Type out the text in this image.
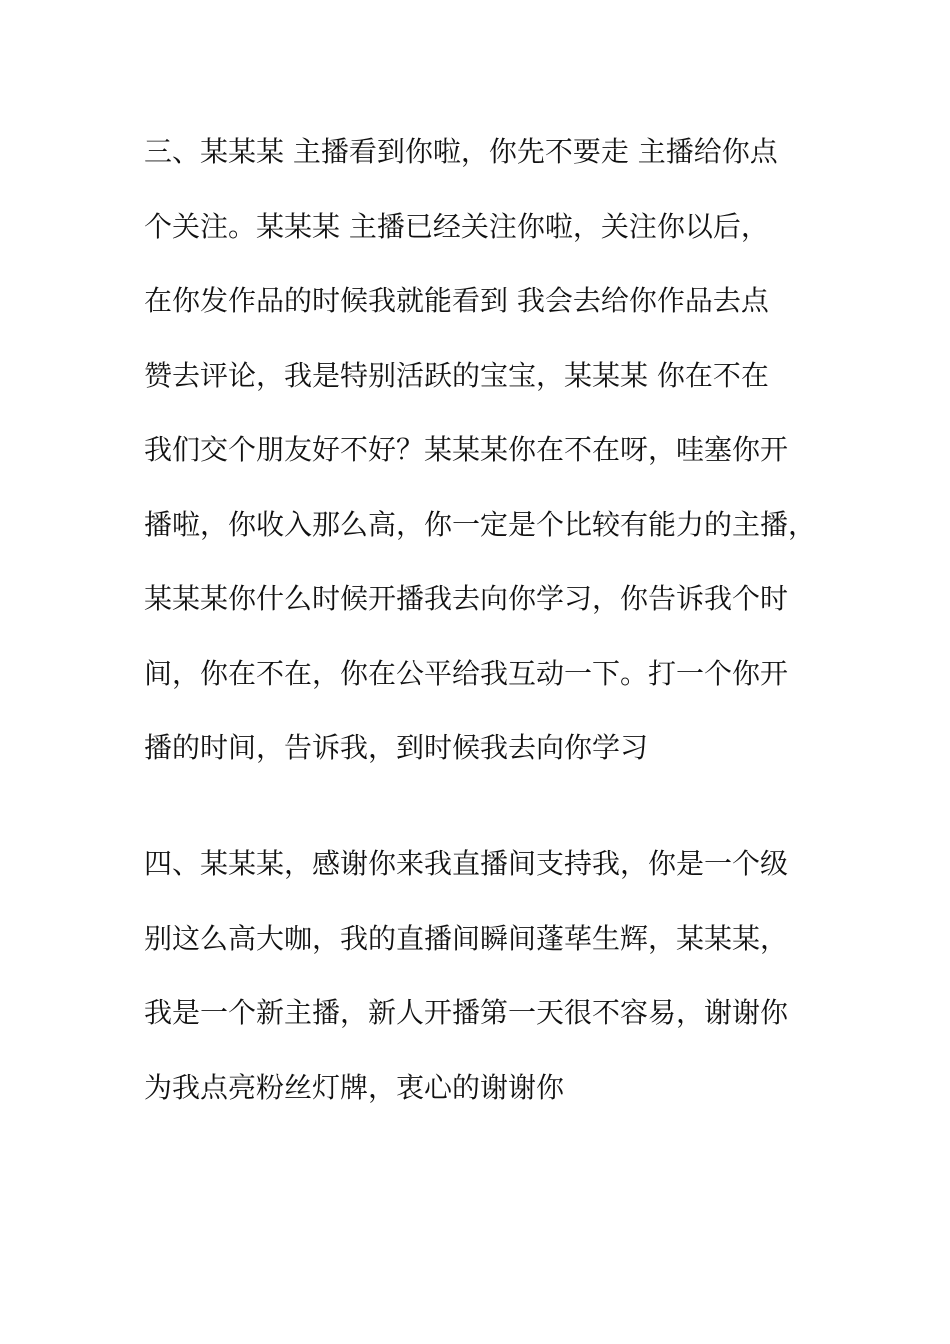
三、某某某 主播看到你啦，你先不要走 主播给你点
个关注。某某某 主播已经关注你啦，关注你以后，
在你发作品的时候我就能看到 我会去给你作品去点
赞去评论，我是特别活跃的宝宝，某某某 你在不在
我们交个朋友好不好？某某某你在不在呀，哇塞你开
播啦，你收入那么高，你一定是个比较有能力的主播，
某某某你什么时候开播我去向你学习，你告诉我个时
间，你在不在，你在公平给我互动一下。打一个你开
播的时间，告诉我，到时候我去向你学习

四、某某某，感谢你来我直播间支持我，你是一个级
别这么高大咖，我的直播间瞬间蓬荜生辉，某某某，
我是一个新主播，新人开播第一天很不容易，谢谢你
为我点亮粉丝灯牌，衷心的谢谢你
